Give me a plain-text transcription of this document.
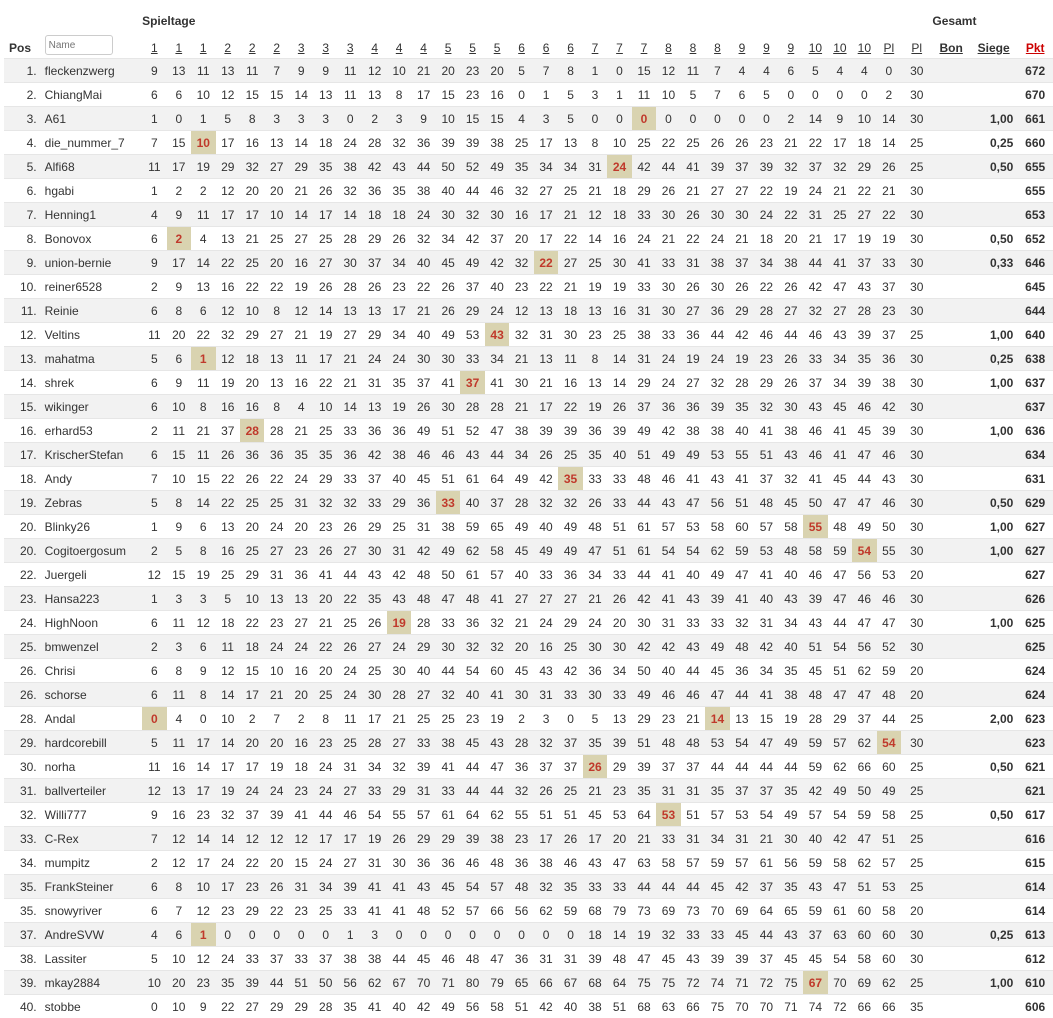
		Spieltage																																Gesamt		
Pos	Name	1	1	1	2	2	2	3	3	3	4	4	4	5	5	5	6	6	6	7	7	7	8	8	8	9	9	9	10	10	10	Pl	Pl	Bon	Siege	Pkt
1.	fleckenzwerg	9	13	11	13	11	7	9	9	11	12	10	21	20	23	20	5	7	8	1	0	15	12	11	7	4	4	6	5	4	4	0	30			672
2.	ChiangMai	6	6	10	12	15	15	14	13	11	13	8	17	15	23	16	0	1	5	3	1	11	10	5	7	6	5	0	0	0	0	2	30			670
3.	A61	1	0	1	5	8	3	3	3	0	2	3	9	10	15	15	4	3	5	0	0	0	0	0	0	0	0	2	14	9	10	14	30		1,00	661
4.	die_nummer_7	7	15	10	17	16	13	14	18	24	28	32	36	39	39	38	25	17	13	8	10	25	22	25	26	26	23	21	22	17	18	14	25		0,25	660
5.	Alfi68	11	17	19	29	32	27	29	35	38	42	43	44	50	52	49	35	34	34	31	24	42	44	41	39	37	39	32	37	32	29	26	25		0,50	655
6.	hgabi	1	2	2	12	20	20	21	26	32	36	35	38	40	44	46	32	27	25	21	18	29	26	21	27	27	22	19	24	21	22	21	30			655
7.	Henning1	4	9	11	17	17	10	14	17	14	18	18	24	30	32	30	16	17	21	12	18	33	30	26	30	30	24	22	31	25	27	22	30			653
8.	Bonovox	6	2	4	13	21	25	27	25	28	29	26	32	34	42	37	20	17	22	14	16	24	21	22	24	21	18	20	21	17	19	19	30		0,50	652
9.	union-bernie	9	17	14	22	25	20	16	27	30	37	34	40	45	49	42	32	22	27	25	30	41	33	31	38	37	34	38	44	41	37	33	30		0,33	646
10.	reiner6528	2	9	13	16	22	22	19	26	28	26	23	22	26	37	40	23	22	21	19	19	33	30	26	30	26	22	26	42	47	43	37	30			645
11.	Reinie	6	8	6	12	10	8	12	14	13	13	17	21	26	29	24	12	13	18	13	16	31	30	27	36	29	28	27	32	27	28	23	30			644
12.	Veltins	11	20	22	32	29	27	21	19	27	29	34	40	49	53	43	32	31	30	23	25	38	33	36	44	42	46	44	46	43	39	37	25		1,00	640
13.	mahatma	5	6	1	12	18	13	11	17	21	24	24	30	30	33	34	21	13	11	8	14	31	24	19	24	19	23	26	33	34	35	36	30		0,25	638
14.	shrek	6	9	11	19	20	13	16	22	21	31	35	37	41	37	41	30	21	16	13	14	29	24	27	32	28	29	26	37	34	39	38	30		1,00	637
15.	wikinger	6	10	8	16	16	8	4	10	14	13	19	26	30	28	28	21	17	22	19	26	37	36	36	39	35	32	30	43	45	46	42	30			637
16.	erhard53	2	11	21	37	28	28	21	25	33	36	36	49	51	52	47	38	39	39	36	39	49	42	38	38	40	41	38	46	41	45	39	30		1,00	636
17.	KrischerStefan	6	15	11	26	36	36	35	35	36	42	38	46	46	43	44	34	26	25	35	40	51	49	49	53	55	51	43	46	41	47	46	30			634
18.	Andy	7	10	15	22	26	22	24	29	33	37	40	45	51	61	64	49	42	35	33	33	48	46	41	43	41	37	32	41	45	44	43	30			631
19.	Zebras	5	8	14	22	25	25	31	32	32	33	29	36	33	40	37	28	32	32	26	33	44	43	47	56	51	48	45	50	47	47	46	30		0,50	629
20.	Blinky26	1	9	6	13	20	24	20	23	26	29	25	31	38	59	65	49	40	49	48	51	61	57	53	58	60	57	58	55	48	49	50	30		1,00	627
20.	Cogitoergosum	2	5	8	16	25	27	23	26	27	30	31	42	49	62	58	45	49	49	47	51	61	54	54	62	59	53	48	58	59	54	55	30		1,00	627
22.	Juergeli	12	15	19	25	29	31	36	41	44	43	42	48	50	61	57	40	33	36	34	33	44	41	40	49	47	41	40	46	47	56	53	20			627
23.	Hansa223	1	3	3	5	10	13	13	20	22	35	43	48	47	48	41	27	27	27	21	26	42	41	43	39	41	40	43	39	47	46	46	30			626
24.	HighNoon	6	11	12	18	22	23	27	21	25	26	19	28	33	36	32	21	24	29	24	20	30	31	33	33	32	31	34	43	44	47	47	30		1,00	625
25.	bmwenzel	2	3	6	11	18	24	24	22	26	27	24	29	30	32	32	20	16	25	30	30	42	42	43	49	48	42	40	51	54	56	52	30			625
26.	Chrisi	6	8	9	12	15	10	16	20	24	25	30	40	44	54	60	45	43	42	36	34	50	40	44	45	36	34	35	45	51	62	59	20			624
26.	schorse	6	11	8	14	17	21	20	25	24	30	28	27	32	40	41	30	31	33	30	33	49	46	46	47	44	41	38	48	47	47	48	20			624
28.	Andal	0	4	0	10	2	7	2	8	11	17	21	25	25	23	19	2	3	0	5	13	29	23	21	14	13	15	19	28	29	37	44	25		2,00	623
29.	hardcorebill	5	11	17	14	20	20	16	23	25	28	27	33	38	45	43	28	32	37	35	39	51	48	48	53	54	47	49	59	57	62	54	30			623
30.	norha	11	16	14	17	17	19	18	24	31	34	32	39	41	44	47	36	37	37	26	29	39	37	37	44	44	44	44	59	62	66	60	25		0,50	621
31.	ballverteiler	12	13	17	19	24	24	23	24	27	33	29	31	33	44	44	32	26	25	21	23	35	31	31	35	37	37	35	42	49	50	49	25			621
32.	Willi777	9	16	23	32	37	39	41	44	46	54	55	57	61	64	62	55	51	51	45	53	64	53	51	57	53	54	49	57	54	59	58	25		0,50	617
33.	C-Rex	7	12	14	14	12	12	12	17	17	19	26	29	29	39	38	23	17	26	17	20	21	33	31	34	31	21	30	40	42	47	51	25			616
34.	mumpitz	2	12	17	24	22	20	15	24	27	31	30	36	36	46	48	36	38	46	43	47	63	58	57	59	57	61	56	59	58	62	57	25			615
35.	FrankSteiner	6	8	10	17	23	26	31	34	39	41	41	43	45	54	57	48	32	35	33	33	44	44	44	45	42	37	35	43	47	51	53	25			614
35.	snowyriver	6	7	12	23	29	22	23	25	33	41	41	48	52	57	66	56	62	59	68	79	73	69	73	70	69	64	65	59	61	60	58	20			614
37.	AndreSVW	4	6	1	0	0	0	0	0	1	3	0	0	0	0	0	0	0	0	18	14	19	32	33	33	45	44	43	37	63	60	60	30		0,25	613
38.	Lassiter	5	10	12	24	33	37	33	37	38	38	44	45	46	48	47	36	31	31	39	48	47	45	43	39	39	37	45	45	54	58	60	30			612
39.	mkay2884	10	20	23	35	39	44	51	50	56	62	67	70	71	80	79	65	66	67	68	64	75	75	72	74	71	72	75	67	70	69	62	25		1,00	610
40.	stobbe	0	10	9	22	27	29	29	28	35	41	40	42	49	56	58	51	42	40	38	51	68	63	66	75	70	70	71	74	72	66	66	35			606
